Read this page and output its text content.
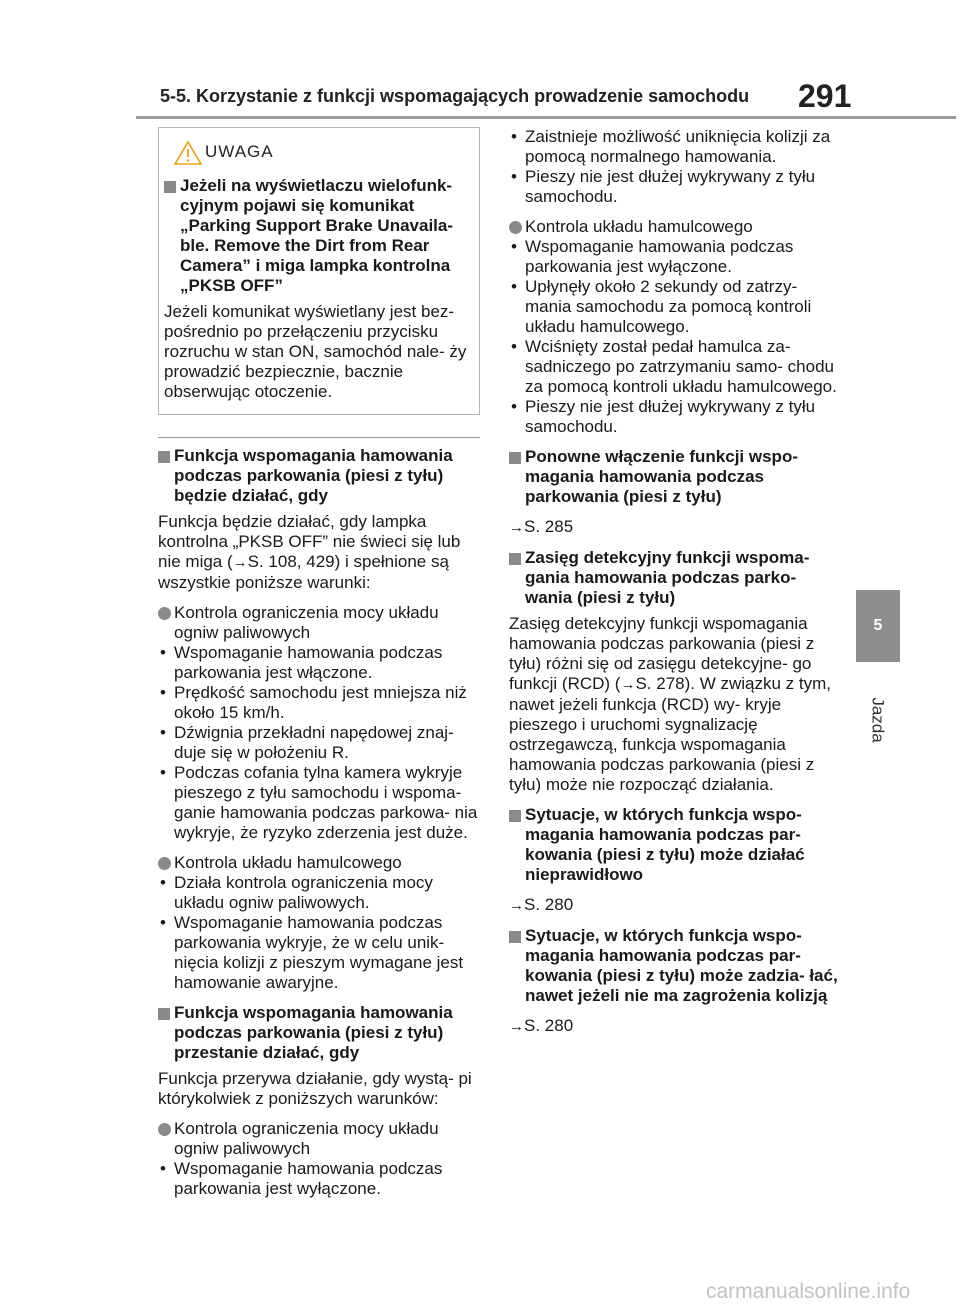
5-5. Korzystanie z funkcji wspomagających prowadzenie samochodu 291
5
Jazda
UWAGA
Jeżeli na wyświetlaczu wielofunk- cyjnym pojawi się komunikat „Parking Support Brake Unavaila- ble. Remove the Dirt from Rear Camera” i miga lampka kontrolna „PKSB OFF”
Jeżeli komunikat wyświetlany jest bez- pośrednio po przełączeniu przycisku rozruchu w stan ON, samochód nale- ży prowadzić bezpiecznie, bacznie obserwując otoczenie.
Funkcja wspomagania hamowania podczas parkowania (piesi z tyłu) będzie działać, gdy
Funkcja będzie działać, gdy lampka kontrolna „PKSB OFF” nie świeci się lub nie miga (→S. 108, 429) i spełnione są wszystkie poniższe warunki:
Kontrola ograniczenia mocy układu ogniw paliwowych
• Wspomaganie hamowania podczas parkowania jest włączone.
• Prędkość samochodu jest mniejsza niż około 15 km/h.
• Dźwignia przekładni napędowej znaj- duje się w położeniu R.
• Podczas cofania tylna kamera wykryje pieszego z tyłu samochodu i wspoma- ganie hamowania podczas parkowa- nia wykryje, że ryzyko zderzenia jest duże.
Kontrola układu hamulcowego
• Działa kontrola ograniczenia mocy układu ogniw paliwowych.
• Wspomaganie hamowania podczas parkowania wykryje, że w celu unik- nięcia kolizji z pieszym wymagane jest hamowanie awaryjne.
Funkcja wspomagania hamowania podczas parkowania (piesi z tyłu) przestanie działać, gdy
Funkcja przerywa działanie, gdy wystą- pi którykolwiek z poniższych warunków:
Kontrola ograniczenia mocy układu ogniw paliwowych
• Wspomaganie hamowania podczas parkowania jest wyłączone.
• Zaistnieje możliwość uniknięcia kolizji za pomocą normalnego hamowania.
• Pieszy nie jest dłużej wykrywany z tyłu samochodu.
Kontrola układu hamulcowego
• Wspomaganie hamowania podczas parkowania jest wyłączone.
• Upłynęły około 2 sekundy od zatrzy- mania samochodu za pomocą kontroli układu hamulcowego.
• Wciśnięty został pedał hamulca za- sadniczego po zatrzymaniu samo- chodu za pomocą kontroli układu hamulcowego.
• Pieszy nie jest dłużej wykrywany z tyłu samochodu.
Ponowne włączenie funkcji wspo- magania hamowania podczas parkowania (piesi z tyłu)
→S. 285
Zasięg detekcyjny funkcji wspoma- gania hamowania podczas parko- wania (piesi z tyłu)
Zasięg detekcyjny funkcji wspomagania hamowania podczas parkowania (piesi z tyłu) różni się od zasięgu detekcyjne- go funkcji (RCD) (→S. 278). W związku z tym, nawet jeżeli funkcja (RCD) wy- kryje pieszego i uruchomi sygnalizację ostrzegawczą, funkcja wspomagania hamowania podczas parkowania (piesi z tyłu) może nie rozpocząć działania.
Sytuacje, w których funkcja wspo- magania hamowania podczas par- kowania (piesi z tyłu) może działać nieprawidłowo
→S. 280
Sytuacje, w których funkcja wspo- magania hamowania podczas par- kowania (piesi z tyłu) może zadzia- łać, nawet jeżeli nie ma zagrożenia kolizją
→S. 280
carmanualsonline.info
